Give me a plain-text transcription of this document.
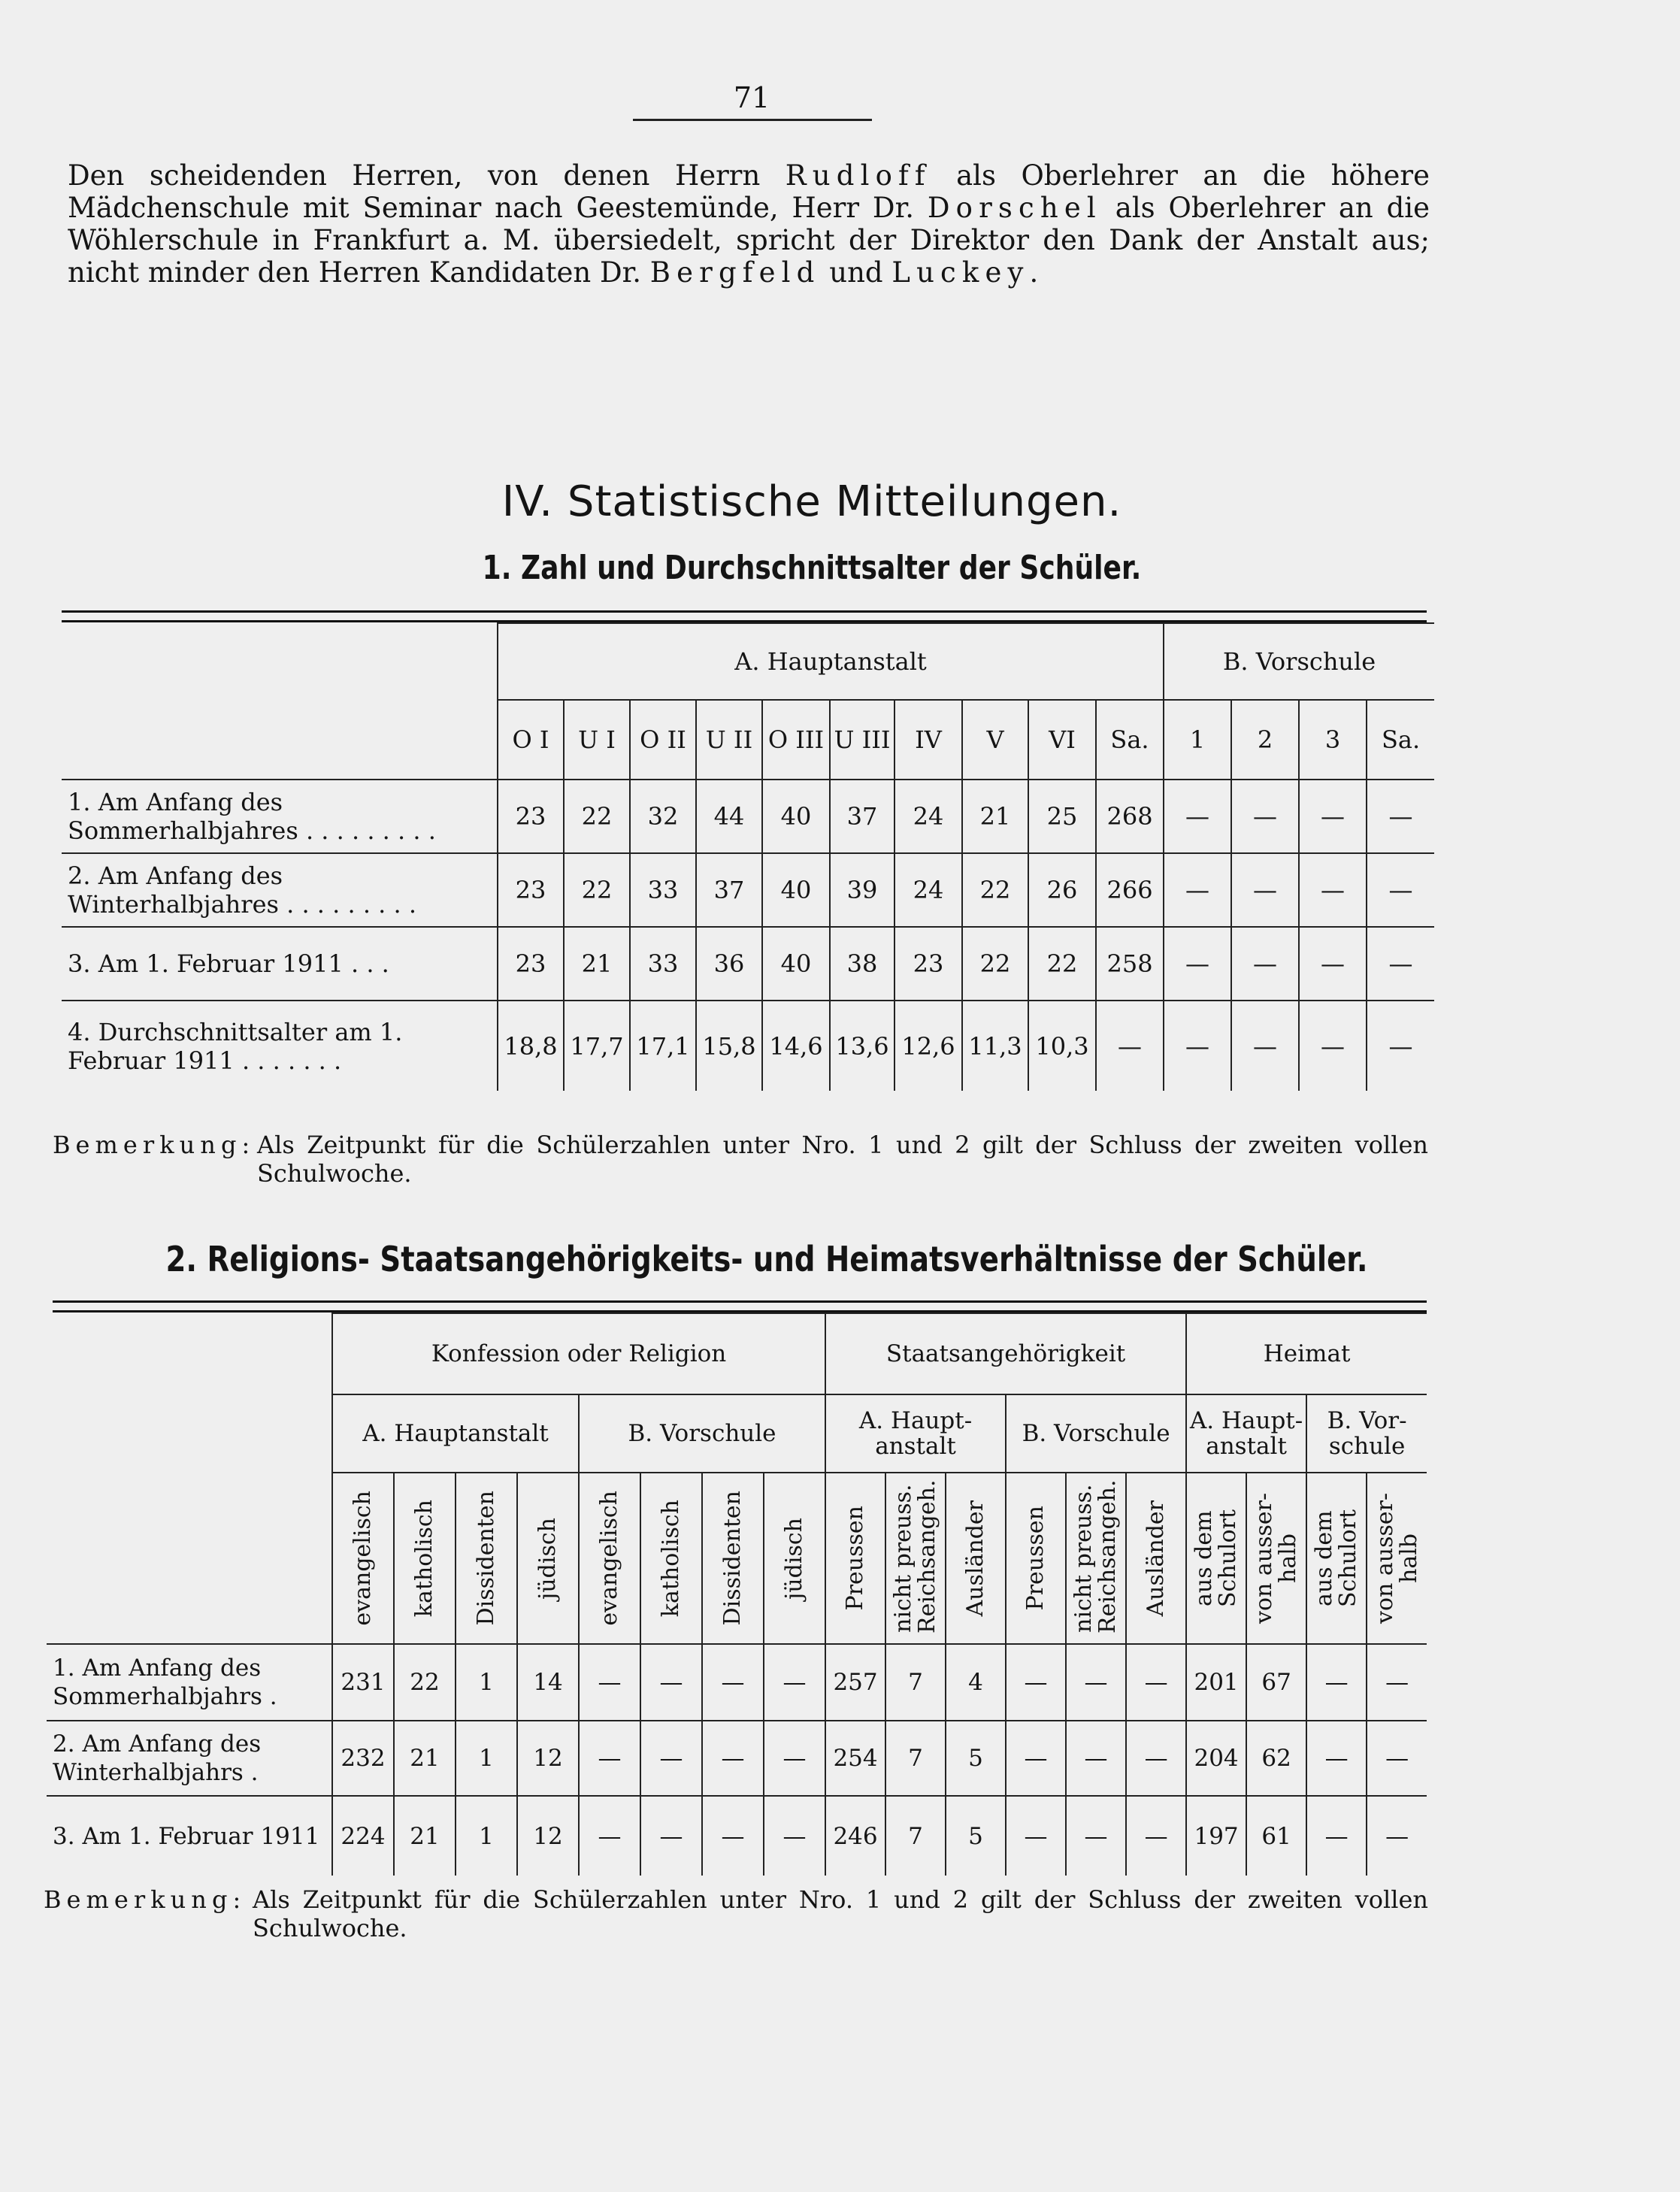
71
Den scheidenden Herren, von denen Herrn Rudloff als Oberlehrer an die höhere Mädchenschule mit Seminar nach Geestemünde, Herr Dr. Dorschel als Oberlehrer an die Wöhlerschule in Frankfurt a. M. übersiedelt, spricht der Direktor den Dank der Anstalt aus; nicht minder den Herren Kandidaten Dr. Bergfeld und Luckey.
IV. Statistische Mitteilungen.
1. Zahl und Durchschnittsalter der Schüler.
	A. Hauptanstalt										B. Vorschule			
	O I	U I	O II	U II	O III	U III	IV	V	VI	Sa.	1	2	3	Sa.
1. Am Anfang des Sommerhalbjahres . . . . . . . . .	23	22	32	44	40	37	24	21	25	268	—	—	—	—
2. Am Anfang des Winterhalbjahres . . . . . . . . .	23	22	33	37	40	39	24	22	26	266	—	—	—	—
3. Am 1. Februar 1911 . . .	23	21	33	36	40	38	23	22	22	258	—	—	—	—
4. Durchschnittsalter am 1. Februar 1911 . . . . . . .	18,8	17,7	17,1	15,8	14,6	13,6	12,6	11,3	10,3	—	—	—	—	—
Bemerkung: Als Zeitpunkt für die Schülerzahlen unter Nro. 1 und 2 gilt der Schluss der zweiten vollen Schulwoche.
2. Religions- Staatsangehörigkeits- und Heimatsverhältnisse der Schüler.
	Konfession oder Religion								Staatsangehörigkeit						Heimat			
	A. Hauptanstalt				B. Vorschule				A. Haupt-anstalt			B. Vorschule			A. Haupt-anstalt		B. Vor-schule	

	evangelisch	katholisch	Dissidenten	jüdisch	evangelisch	katholisch	Dissidenten	jüdisch	Preussen	nicht preuss. Reichsangeh.	Ausländer	Preussen	nicht preuss. Reichsangeh.	Ausländer	aus dem Schulort	von ausser-halb	aus dem Schulort	von ausser-halb

1. Am Anfang des Sommerhalbjahrs .	231	22	1	14	—	—	—	—	257	7	4	—	—	—	201	67	—	—
2. Am Anfang des Winterhalbjahrs .	232	21	1	12	—	—	—	—	254	7	5	—	—	—	204	62	—	—
3. Am 1. Februar 1911	224	21	1	12	—	—	—	—	246	7	5	—	—	—	197	61	—	—
Bemerkung: Als Zeitpunkt für die Schülerzahlen unter Nro. 1 und 2 gilt der Schluss der zweiten vollen Schulwoche.
